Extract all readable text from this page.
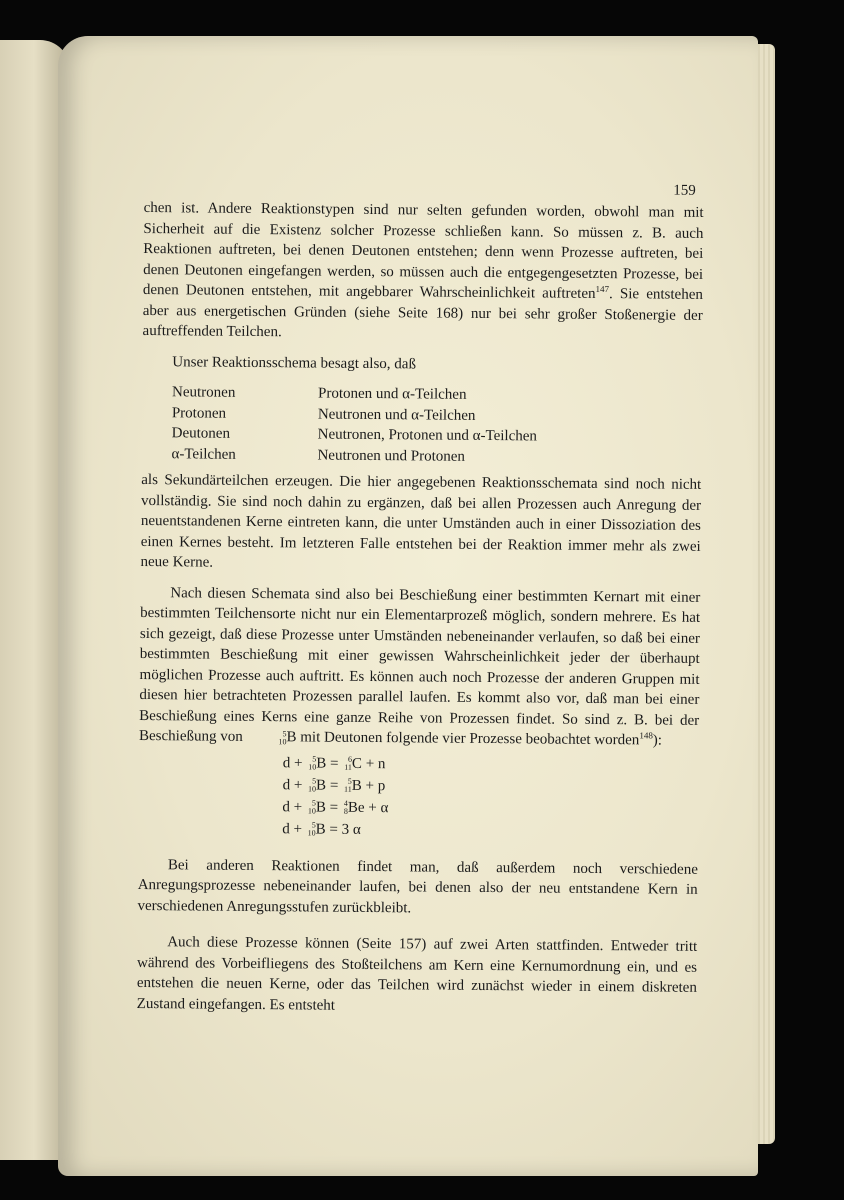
159

chen ist. Andere Reaktionstypen sind nur selten gefunden worden, obwohl man mit Sicherheit auf die Existenz solcher Prozesse schließen kann. So müssen z. B. auch Reaktionen auftreten, bei denen Deutonen entstehen; denn wenn Prozesse auftreten, bei denen Deutonen eingefangen werden, so müssen auch die entgegengesetzten Prozesse, bei denen Deutonen entstehen, mit angebbarer Wahrscheinlichkeit auftreten$^{147}$. Sie entstehen aber aus energetischen Gründen (siehe Seite 168) nur bei sehr großer Stoßenergie der auftreffenden Teilchen.

Unser Reaktionsschema besagt also, daß

Neutronen	Protonen und α-Teilchen
Protonen	Neutronen und α-Teilchen
Deutonen	Neutronen, Protonen und α-Teilchen
α-Teilchen	Neutronen und Protonen

als Sekundärteilchen erzeugen. Die hier angegebenen Reaktionsschemata sind noch nicht vollständig. Sie sind noch dahin zu ergänzen, daß bei allen Prozessen auch Anregung der neuentstandenen Kerne eintreten kann, die unter Umständen auch in einer Dissoziation des einen Kernes besteht. Im letzteren Falle entstehen bei der Reaktion immer mehr als zwei neue Kerne.

Nach diesen Schemata sind also bei Beschießung einer bestimmten Kernart mit einer bestimmten Teilchensorte nicht nur ein Elementarprozeß möglich, sondern mehrere. Es hat sich gezeigt, daß diese Prozesse unter Umständen nebeneinander verlaufen, so daß bei einer bestimmten Beschießung mit einer gewissen Wahrscheinlichkeit jeder der überhaupt möglichen Prozesse auch auftritt. Es können auch noch Prozesse der anderen Gruppen mit diesen hier betrachteten Prozessen parallel laufen. Es kommt also vor, daß man bei einer Beschießung eines Kerns eine ganze Reihe von Prozessen findet. So sind z. B. bei der Beschießung von	5
10 B mit Deutonen folgende vier Prozesse beobachtet worden$^{148}$):

d + 5
10 B = 6
11 C + n
d + 5
10 B = 5
11 B + p
d + 5
10 B = 4
8 Be + α
d + 5
10 B = 3 α

Bei anderen Reaktionen findet man, daß außerdem noch verschiedene Anregungsprozesse nebeneinander laufen, bei denen also der neu entstandene Kern in verschiedenen Anregungsstufen zurückbleibt.

Auch diese Prozesse können (Seite 157) auf zwei Arten stattfinden. Entweder tritt während des Vorbeifliegens des Stoßteilchens am Kern eine Kernumordnung ein, und es entstehen die neuen Kerne, oder das Teilchen wird zunächst wieder in einem diskreten Zustand eingefangen. Es entsteht
